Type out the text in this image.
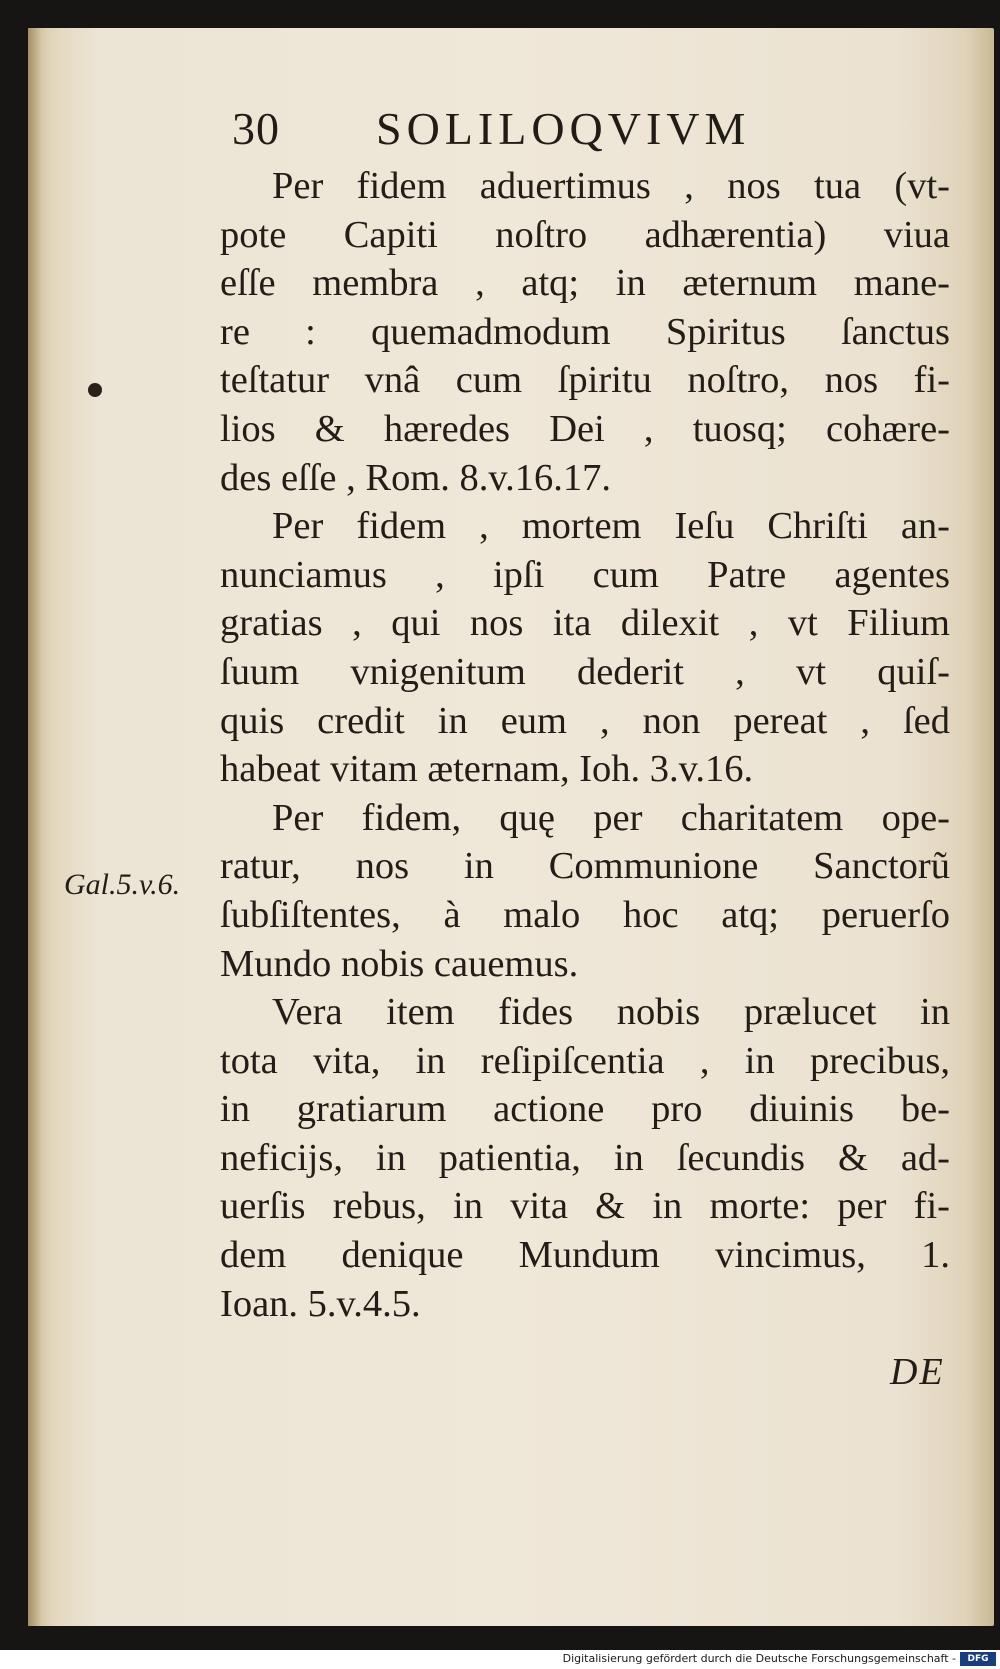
30 SOLILOQVIVM
Gal.5.v.6.
Per fidem aduertimus , nos tua (vt-
pote Capiti noſtro adhærentia) viua
eſſe membra , atq; in æternum mane-
re : quemadmodum Spiritus ſanctus
teſtatur vnâ cum ſpiritu noſtro, nos fi-
lios & hæredes Dei , tuosq; cohære-
des eſſe , Rom. 8.v.16.17.
Per fidem , mortem Ieſu Chriſti an-
nunciamus , ipſi cum Patre agentes
gratias , qui nos ita dilexit , vt Filium
ſuum vnigenitum dederit , vt quiſ-
quis credit in eum , non pereat , ſed
habeat vitam æternam, Ioh. 3.v.16.
Per fidem, quę per charitatem ope-
ratur, nos in Communione Sanctorũ
ſubſiſtentes, à malo hoc atq; peruerſo
Mundo nobis cauemus.
Vera item fides nobis prælucet in
tota vita, in reſipiſcentia , in precibus,
in gratiarum actione pro diuinis be-
neficijs, in patientia, in ſecundis & ad-
uerſis rebus, in vita & in morte: per fi-
dem denique Mundum vincimus, 1.
Ioan. 5.v.4.5.
DE
Digitalisierung gefördert durch die Deutsche Forschungsgemeinschaft -	DFG
